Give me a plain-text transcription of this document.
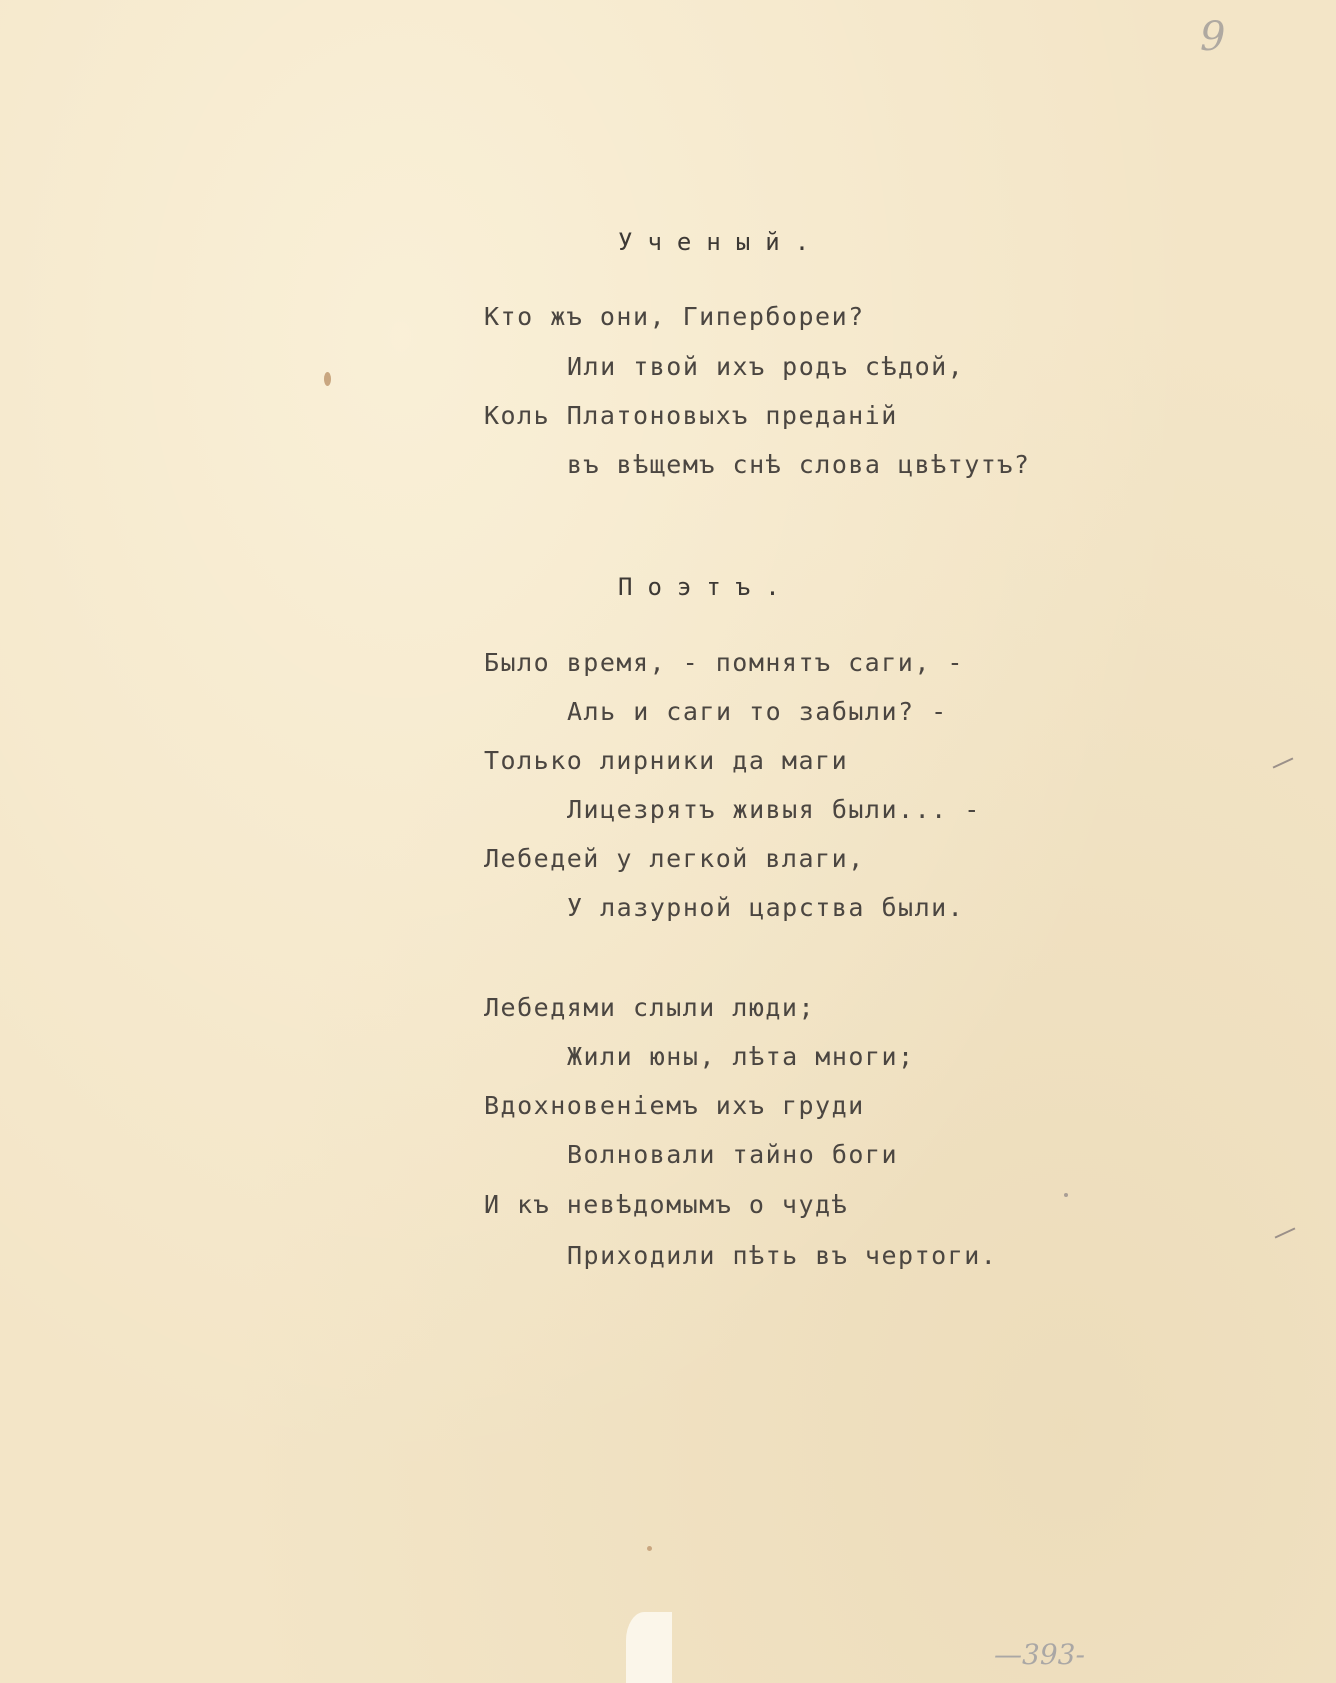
9
Ученый.
Кто жъ они, Гипербореи?
Или твой ихъ родъ сѣдой,
Коль Платоновыхъ преданій
въ вѣщемъ снѣ слова цвѣтутъ?
Поэтъ.
Было время, - помнятъ саги, -
Аль и саги то забыли? -
Только лирники да маги
Лицезрятъ живыя были... -
Лебедей у легкой влаги,
У лазурной царства были.
Лебедями слыли люди;
Жили юны, лѣта многи;
Вдохновеніемъ ихъ груди
Волновали тайно боги
И къ невѣдомымъ о чудѣ
Приходили пѣть въ чертоги.
—393-
